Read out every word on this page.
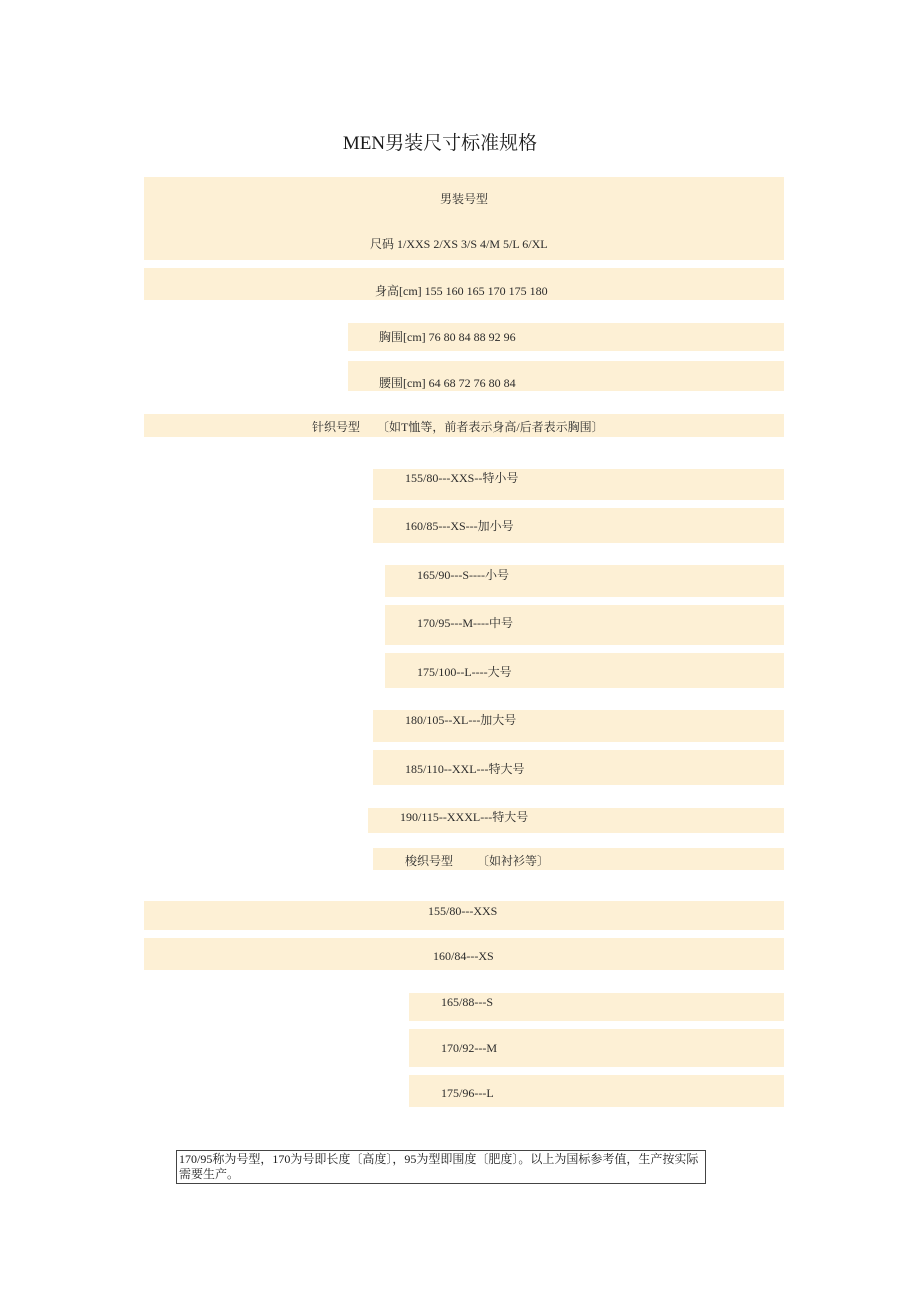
MEN男装尺寸标准规格
男装号型
尺码 1/XXS 2/XS 3/S 4/M 5/L 6/XL
身高[cm] 155 160 165 170 175 180
胸围[cm] 76 80 84 88 92 96
腰围[cm] 64 68 72 76 80 84
针织号型 〔如T恤等，前者表示身高/后者表示胸围〕
155/80---XXS--特小号
160/85---XS---加小号
165/90---S----小号
170/95---M----中号
175/100--L----大号
180/105--XL---加大号
185/110--XXL---特大号
190/115--XXXL---特大号
梭织号型 〔如衬衫等〕
155/80---XXS
160/84---XS
165/88---S
170/92---M
175/96---L
170/95称为号型，170为号即长度〔高度〕，95为型即围度〔肥度〕。以上为国标参考值，生产按实际需要生产。
